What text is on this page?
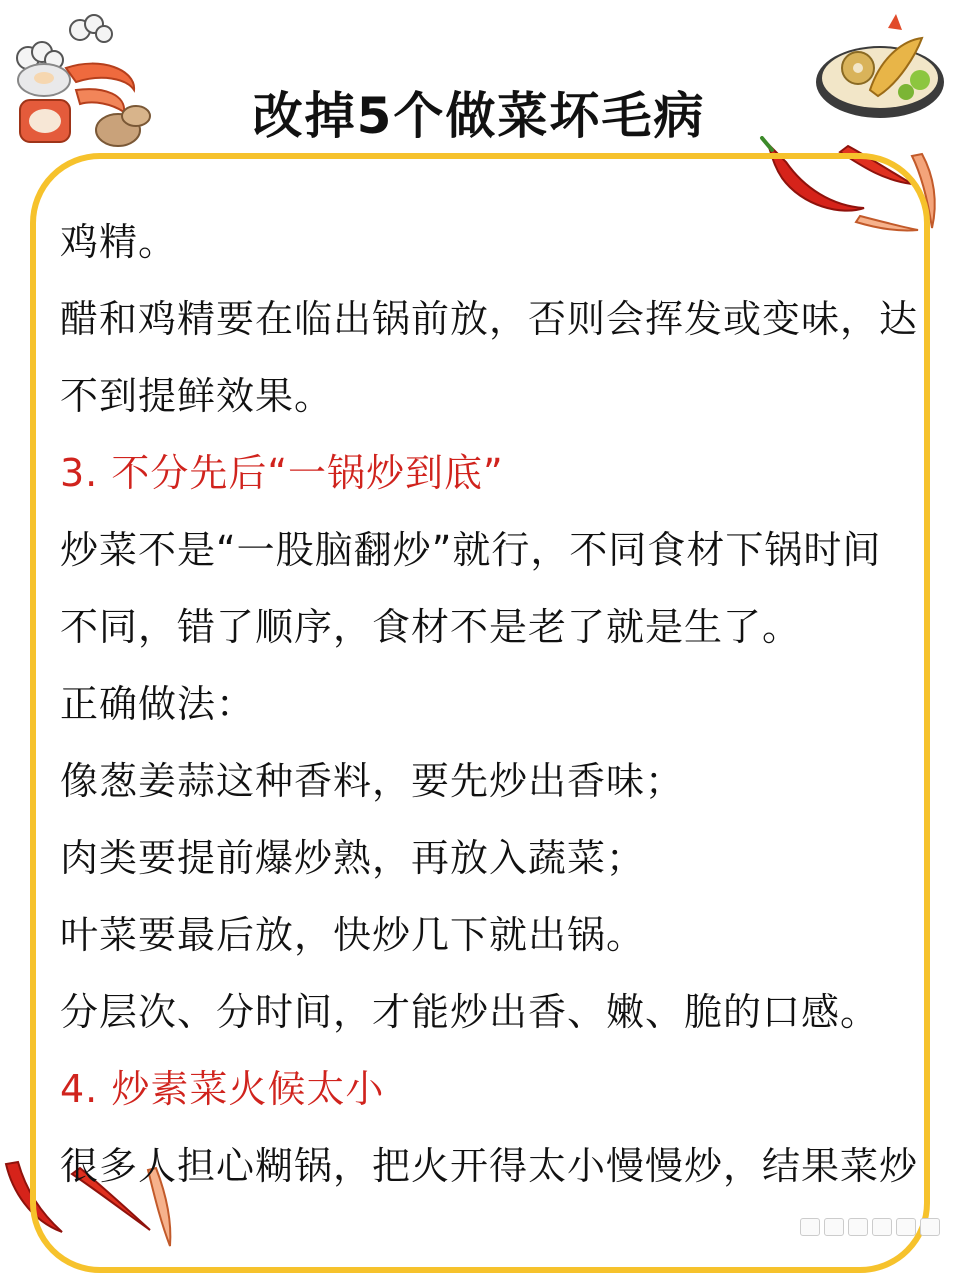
改掉5个做菜坏毛病
鸡精。
醋和鸡精要在临出锅前放，否则会挥发或变味，达
不到提鲜效果。
3. 不分先后“一锅炒到底”
炒菜不是“一股脑翻炒”就行，不同食材下锅时间
不同，错了顺序，食材不是老了就是生了。
正确做法：
像葱姜蒜这种香料，要先炒出香味；
肉类要提前爆炒熟，再放入蔬菜；
叶菜要最后放，快炒几下就出锅。
分层次、分时间，才能炒出香、嫩、脆的口感。
4. 炒素菜火候太小
很多人担心糊锅，把火开得太小慢慢炒，结果菜炒
